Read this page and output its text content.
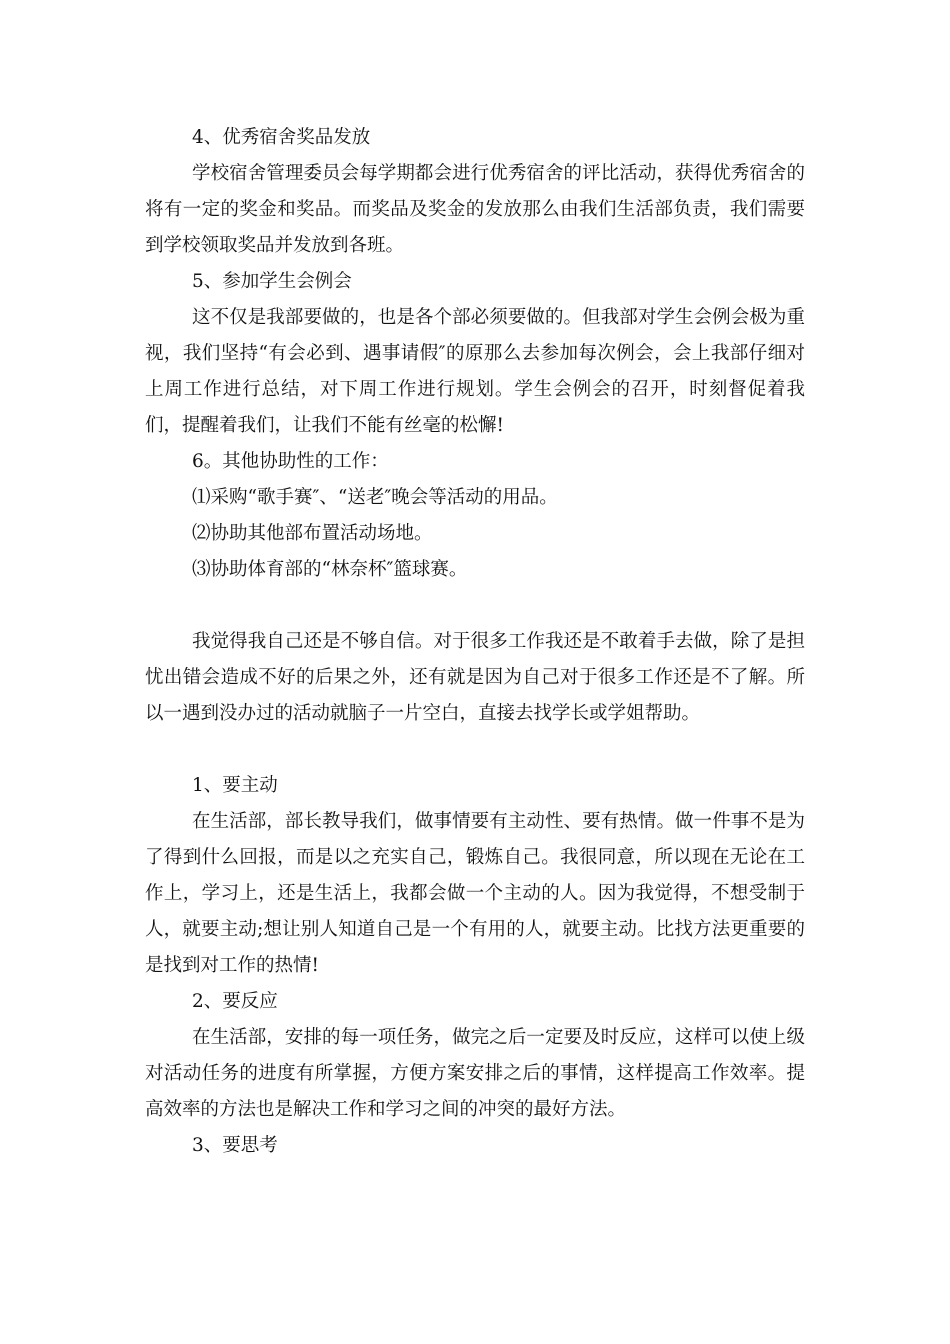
4、优秀宿舍奖品发放

学校宿舍管理委员会每学期都会进行优秀宿舍的评比活动，获得优秀宿舍的将有一定的奖金和奖品。而奖品及奖金的发放那么由我们生活部负责，我们需要到学校领取奖品并发放到各班。

5、参加学生会例会

这不仅是我部要做的，也是各个部必须要做的。但我部对学生会例会极为重视，我们坚持“有会必到、遇事请假″的原那么去参加每次例会，会上我部仔细对上周工作进行总结，对下周工作进行规划。学生会例会的召开，时刻督促着我们，提醒着我们，让我们不能有丝毫的松懈!

6。其他协助性的工作：

⑴采购“歌手赛″、“送老″晚会等活动的用品。

⑵协助其他部布置活动场地。

⑶协助体育部的“林奈杯″篮球赛。

我觉得我自己还是不够自信。对于很多工作我还是不敢着手去做，除了是担忧出错会造成不好的后果之外，还有就是因为自己对于很多工作还是不了解。所以一遇到没办过的活动就脑子一片空白，直接去找学长或学姐帮助。

1、要主动

在生活部，部长教导我们，做事情要有主动性、要有热情。做一件事不是为了得到什么回报，而是以之充实自己，锻炼自己。我很同意，所以现在无论在工作上，学习上，还是生活上，我都会做一个主动的人。因为我觉得，不想受制于人，就要主动;想让别人知道自己是一个有用的人，就要主动。比找方法更重要的是找到对工作的热情!

2、要反应

在生活部，安排的每一项任务，做完之后一定要及时反应，这样可以使上级对活动任务的进度有所掌握，方便方案安排之后的事情，这样提高工作效率。提高效率的方法也是解决工作和学习之间的冲突的最好方法。

3、要思考
